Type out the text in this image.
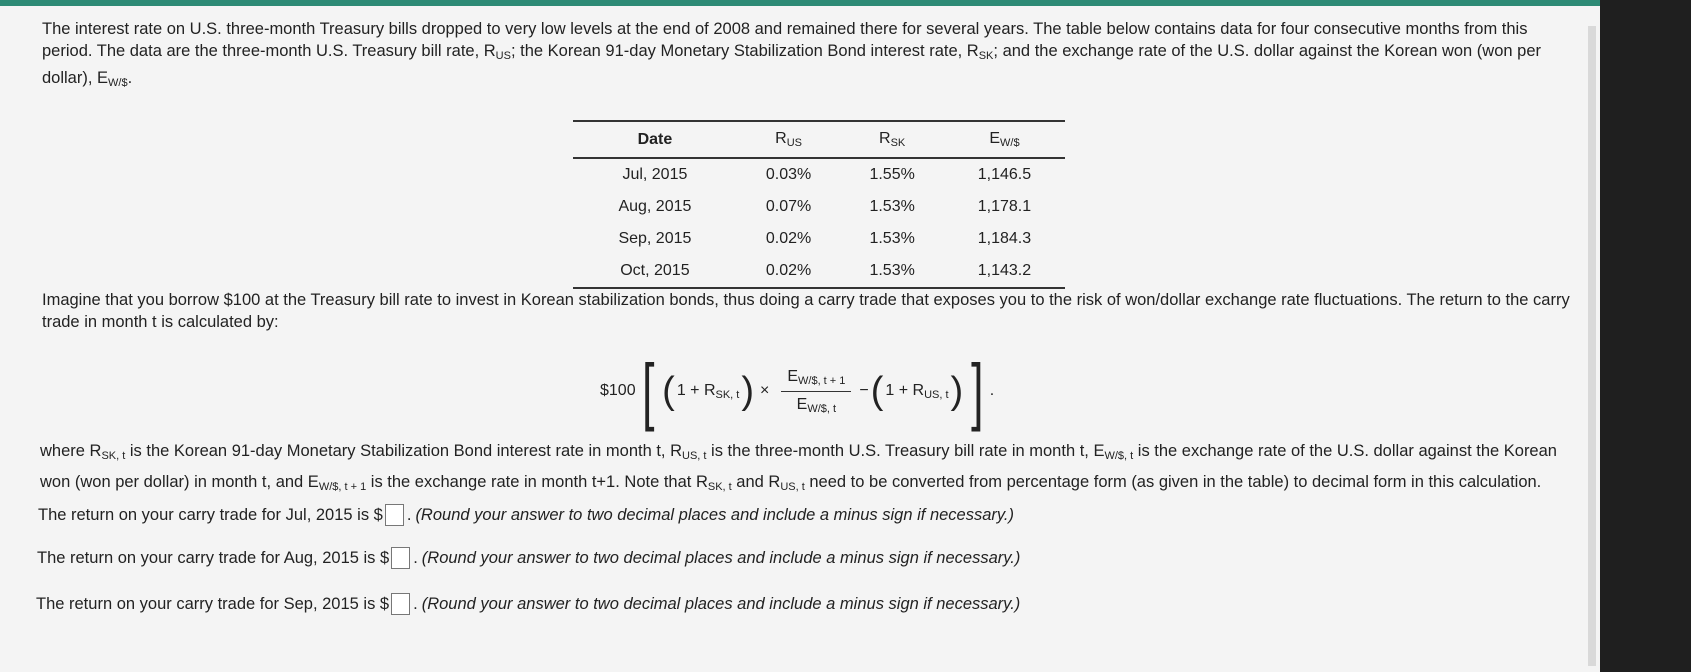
The interest rate on U.S. three-month Treasury bills dropped to very low levels at the end of 2008 and remained there for several years. The table below contains data for four consecutive months from this period. The data are the three-month U.S. Treasury bill rate, $R_{US}$; the Korean 91-day Monetary Stabilization Bond interest rate, $R_{SK}$; and the exchange rate of the U.S. dollar against the Korean won (won per dollar), $E_{W/\$}$.
Date	$R_{US}$	$R_{SK}$	$E_{W/\$}$
Jul, 2015	0.03%	1.55%	1,146.5
Aug, 2015	0.07%	1.53%	1,178.1
Sep, 2015	0.02%	1.53%	1,184.3
Oct, 2015	0.02%	1.53%	1,143.2
Imagine that you borrow $100 at the Treasury bill rate to invest in Korean stabilization bonds, thus doing a carry trade that exposes you to the risk of won/dollar exchange rate fluctuations. The return to the carry trade in month t is calculated by:
$100 [ ( $1 + R_{SK, t}$ ) × $\frac{E_{W/\$, t + 1}}{E_{W/\$, t}}$ − ( $1 + R_{US, t}$ ) ] .
where $R_{SK, t}$ is the Korean 91-day Monetary Stabilization Bond interest rate in month t, $R_{US, t}$ is the three-month U.S. Treasury bill rate in month t, $E_{W/\$, t}$ is the exchange rate of the U.S. dollar against the Korean won (won per dollar) in month t, and $E_{W/\$, t + 1}$ is the exchange rate in month t+1. Note that $R_{SK, t}$ and $R_{US, t}$ need to be converted from percentage form (as given in the table) to decimal form in this calculation.
The return on your carry trade for Jul, 2015 is $ . (Round your answer to two decimal places and include a minus sign if necessary.)
The return on your carry trade for Aug, 2015 is $ . (Round your answer to two decimal places and include a minus sign if necessary.)
The return on your carry trade for Sep, 2015 is $ . (Round your answer to two decimal places and include a minus sign if necessary.)
